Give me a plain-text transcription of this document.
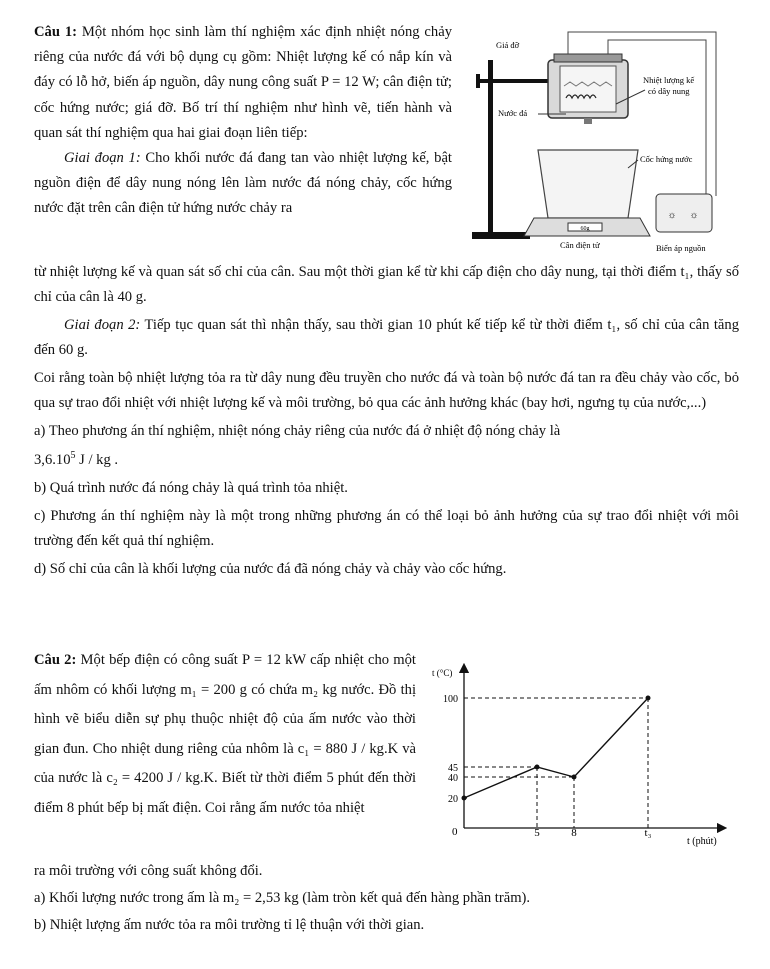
Câu 1: Một nhóm học sinh làm thí nghiệm xác định nhiệt nóng chảy riêng của nước đá với bộ dụng cụ gồm: Nhiệt lượng kế có nắp kín và đáy có lỗ hở, biến áp nguồn, dây nung công suất P = 12 W; cân điện tử; cốc hứng nước; giá đỡ. Bố trí thí nghiệm như hình vẽ, tiến hành và quan sát thí nghiệm qua hai giai đoạn liên tiếp:

Giai đoạn 1: Cho khối nước đá đang tan vào nhiệt lượng kế, bật nguồn điện để dây nung nóng lên làm nước đá nóng chảy, cốc hứng nước đặt trên cân điện tử hứng nước chảy ra

60g
☼ ☼
Giá đỡ
Nước đá
Nhiệt lượng kế
có dây nung
Cốc hứng nước
Cân điện tử	Biến áp nguồn

từ nhiệt lượng kế và quan sát số chỉ của cân. Sau một thời gian kể từ khi cấp điện cho dây nung, tại thời điểm t₁, thấy số chỉ của cân là 40 g.

Giai đoạn 2: Tiếp tục quan sát thì nhận thấy, sau thời gian 10 phút kế tiếp kể từ thời điểm t₁, số chỉ của cân tăng đến 60 g.

Coi rằng toàn bộ nhiệt lượng tỏa ra từ dây nung đều truyền cho nước đá và toàn bộ nước đá tan ra đều chảy vào cốc, bỏ qua sự trao đổi nhiệt với nhiệt lượng kế và môi trường, bỏ qua các ảnh hưởng khác (bay hơi, ngưng tụ của nước,...)

a) Theo phương án thí nghiệm, nhiệt nóng chảy riêng của nước đá ở nhiệt độ nóng chảy là

3,6.10$^5$ J / kg .

b) Quá trình nước đá nóng chảy là quá trình tỏa nhiệt.

c) Phương án thí nghiệm này là một trong những phương án có thể loại bỏ ảnh hưởng của sự trao đổi nhiệt với môi trường đến kết quả thí nghiệm.

d) Số chỉ của cân là khối lượng của nước đá đã nóng chảy và chảy vào cốc hứng.

Câu 2: Một bếp điện có công suất P = 12 kW cấp nhiệt cho một ấm nhôm có khối lượng m₁ = 200 g có chứa m₂ kg nước. Đồ thị hình vẽ biểu diễn sự phụ thuộc nhiệt độ của ấm nước vào thời gian đun. Cho nhiệt dung riêng của nhôm là c₁ = 880 J / kg.K và của nước là c₂ = 4200 J / kg.K. Biết từ thời điểm 5 phút đến thời điểm 8 phút bếp bị mất điện. Coi rằng ấm nước tỏa nhiệt

ra môi trường với công suất không đổi.

a) Khối lượng nước trong ấm là m₂ = 2,53 kg (làm tròn kết quả đến hàng phần trăm).

b) Nhiệt lượng ấm nước tỏa ra môi trường tỉ lệ thuận với thời gian.

t (°C)
t (phút)
20
40
45
100
0	5	8	t₃
